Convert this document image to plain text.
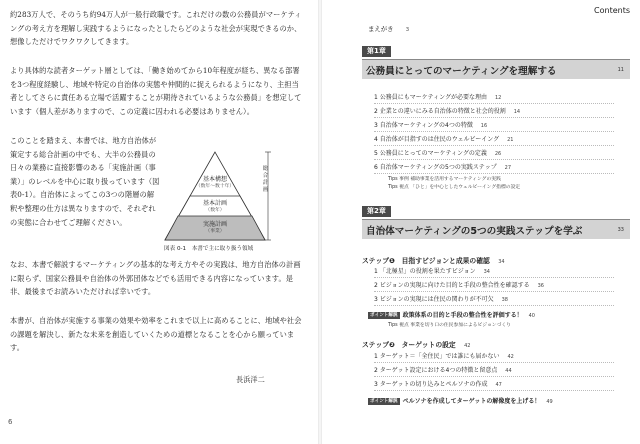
約283万人で、そのうち約94万人が一般行政職です。これだけの数の公務員がマーケティングの考え方を理解し実践するようになったとしたらどのような社会が実現できるのか、想像しただけでワクワクしてきます。
より具体的な読者ターゲット層としては、「働き始めてから10年程度が経ち、異なる部署を3つ程度経験し、地域や特定の自治体の実態や仲間的に捉えられるようになり、主担当者としてさらに責任ある立場で活躍することが期待されているような公務員」を想定しています（個人差がありますので、この定義に囚われる必要はありません）。
このことを踏まえ、本書では、地方自治体が策定する総合計画の中でも、大半の公務員の日々の業務に直接影響のある「実施計画（事業）」のレベルを中心に取り扱っています（図表0-1）。自治体によってこの3つの階層の解釈や整理の仕方は異なりますので、それぞれの実態に合わせてご理解ください。
なお、本書で解説するマーケティングの基本的な考え方やその実践は、地方自治体の計画に限らず、国家公務員や自治体の外郭団体などでも活用できる内容になっています。是非、最後までお読みいただければ幸いです。
本書が、自治体が実施する事業の効果や効率をこれまで以上に高めることに、地域や社会の課題を解決し、新たな未来を創造していくための道標となることを心から願っています。
基本構想
（数年〜数十年）
基本計画
（数年）
実施計画
（事業）
総合計画
図表 0-1　本書で主に取り扱う領域
長浜洋二
6
Contents
まえがき 3
第1章
公務員にとってのマーケティングを理解する	11
1 公務員にもマーケティングが必要な理由 12
2 企業との違いにみる自治体の特徴と社会的役割 14
3 自治体マーケティングの4つの特徴 16
4 自治体が目指すのは住民のウェルビーイング 21
5 公務員にとってのマーケティングの定義 26
6 自治体マーケティングの5つの実践ステップ 27
Tips 事例 補助事業を活用するマーケティングの実践
Tips 視点 「ひと」を中心としたウェルビーイング指標の設定
第2章
自治体マーケティングの5つの実践ステップを学ぶ	33
ステップ❶　目指すビジョンと成果の確認 34
1 「北極星」の役割を果たすビジョン 34
2 ビジョンの実現に向けた目的と手段の整合性を確認する 36
3 ビジョンの実現には住民の関わりが不可欠 38
ポイント解説 政策体系の目的と手段の整合性を評価する！ 40
Tips 視点 事業を切り口の住民参加によるビジョンづくり
ステップ❷　ターゲットの設定 42
1 ターゲット＝「全住民」では誰にも届かない 42
2 ターゲット設定における4つの特徴と留意点 44
3 ターゲットの切り込みとペルソナの作成 47
ポイント解説 ペルソナを作成してターゲットの解像度を上げる！ 49
